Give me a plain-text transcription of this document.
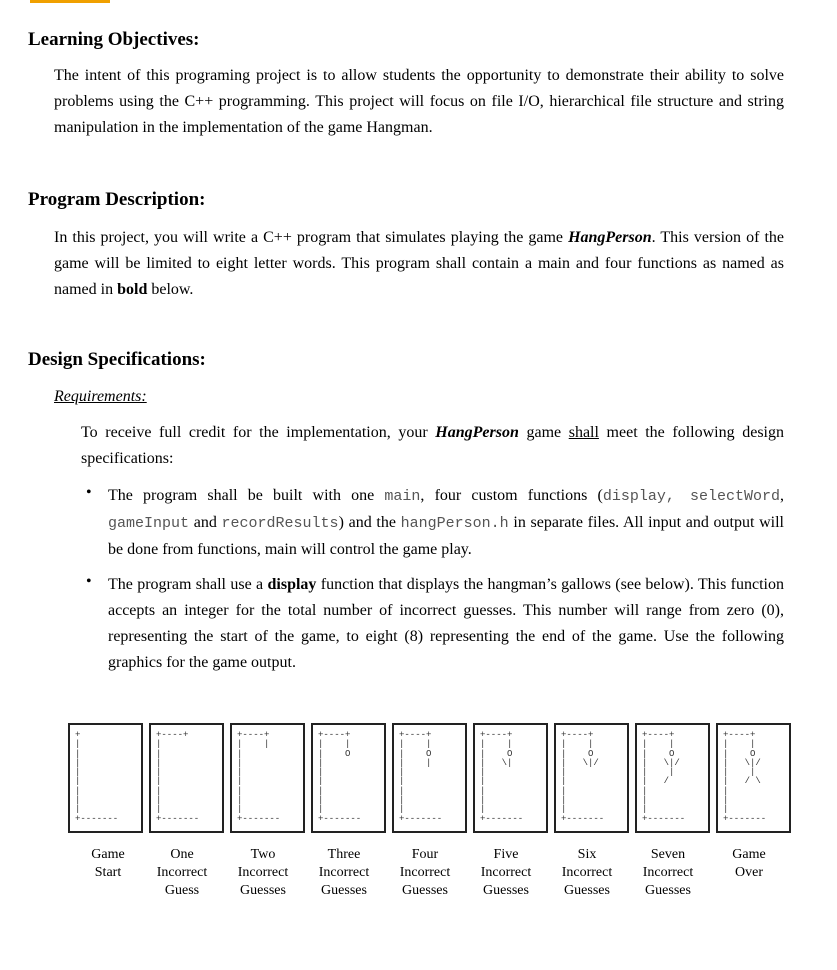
Learning Objectives:

The intent of this programing project is to allow students the opportunity to demonstrate their ability to solve problems using the C++ programming. This project will focus on file I/O, hierarchical file structure and string manipulation in the implementation of the game Hangman.

Program Description:

In this project, you will write a C++ program that simulates playing the game HangPerson. This version of the game will be limited to eight letter words. This program shall contain a main and four functions as named as named in bold below.

Design Specifications:
Requirements:

To receive full credit for the implementation, your HangPerson game shall meet the following design specifications:

• The program shall be built with one main, four custom functions (display, selectWord, gameInput and recordResults) and the hangPerson.h in separate files. All input and output will be done from functions, main will control the game play.

• The program shall use a display function that displays the hangman’s gallows (see below). This function accepts an integer for the total number of incorrect guesses. This number will range from zero (0), representing the start of the game, to eight (8) representing the end of the game. Use the following graphics for the game output.

+
|
|
|
|
|
|
|
|
+-------
+----+
|
|
|
|
|
|
|
|
+-------
+----+
|    |
|
|
|
|
|
|
|
+-------
+----+
|    |
|    O
|
|
|
|
|
|
+-------
+----+
|    |
|    O
|    |
|
|
|
|
|
+-------
+----+
|    |
|    O
|   \|
|
|
|
|
|
+-------
+----+
|    |
|    O
|   \|/
|
|
|
|
|
+-------
+----+
|    |
|    O
|   \|/
|    |
|   /
|
|
|
+-------
+----+
|    |
|    O
|   \|/
|    |
|   / \
|
|
|
+-------
Game
Start
One
Incorrect
Guess
Two
Incorrect
Guesses
Three
Incorrect
Guesses
Four
Incorrect
Guesses
Five
Incorrect
Guesses
Six
Incorrect
Guesses
Seven
Incorrect
Guesses
Game
Over
